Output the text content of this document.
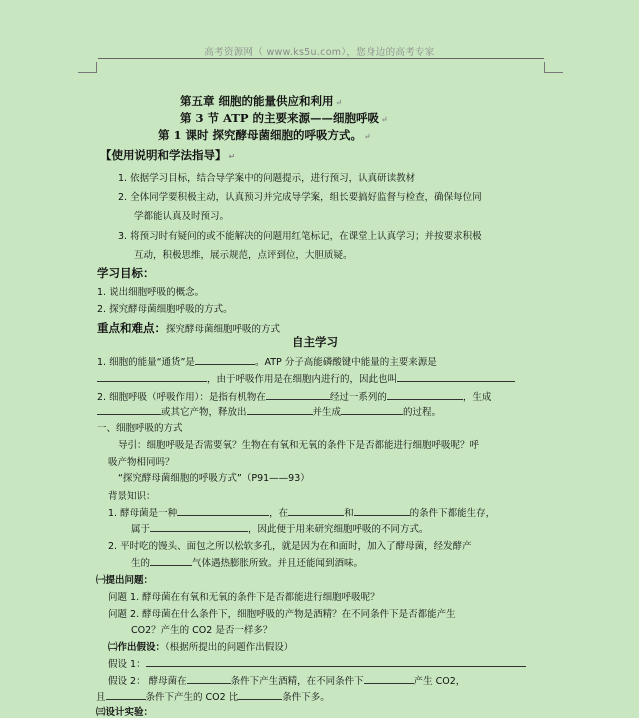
高考资源网（ www.ks5u.com），您身边的高考专家
第五章 细胞的能量供应和利用 ↵
第 3 节 ATP 的主要来源——细胞呼吸 ↵
第 1 课时 探究酵母菌细胞的呼吸方式。 ↵
【使用说明和学法指导】 ↵
1. 依据学习目标，结合导学案中的问题提示，进行预习，认真研读教材
2. 全体同学要积极主动，认真预习并完成导学案，组长要搞好监督与检查，确保每位同
学都能认真及时预习。
3. 将预习时有疑问的或不能解决的问题用红笔标记，在课堂上认真学习；并按要求积极
互动，积极思维，展示规范，点评到位，大胆质疑。
学习目标：
1. 说出细胞呼吸的概念。
2. 探究酵母菌细胞呼吸的方式。
重点和难点：探究酵母菌细胞呼吸的方式
自主学习
1. 细胞的能量“通货”是	。ATP 分子高能磷酸键中能量的主要来源是
，由于呼吸作用是在细胞内进行的，因此也叫
2. 细胞呼吸（呼吸作用）：是指有机物在	经过一系列的	，生成
或其它产物，释放出	并生成	的过程。
一、细胞呼吸的方式
导引：细胞呼吸是否需要氧？生物在有氧和无氧的条件下是否都能进行细胞呼吸呢？呼
吸产物相同吗？
“探究酵母菌细胞的呼吸方式”（P91——93）
背景知识：
1. 酵母菌是一种	，在	和	的条件下都能生存，
属于	，因此便于用来研究细胞呼吸的不同方式。
2. 平时吃的馒头、面包之所以松软多孔，就是因为在和面时，加入了酵母菌，经发酵产
生的	气体遇热膨胀所致。并且还能闻到酒味。
㈠提出问题：
问题 1. 酵母菌在有氧和无氧的条件下是否都能进行细胞呼吸呢？
问题 2. 酵母菌在什么条件下，细胞呼吸的产物是酒精？在不同条件下是否都能产生
CO2？产生的 CO2 是否一样多？
㈡作出假设：（根据所提出的问题作出假设）
假设 1：
假设 2： 酵母菌在	条件下产生酒精，在不同条件下	产生 CO2，
且	条件下产生的 CO2 比	条件下多。
㈢设计实验：
